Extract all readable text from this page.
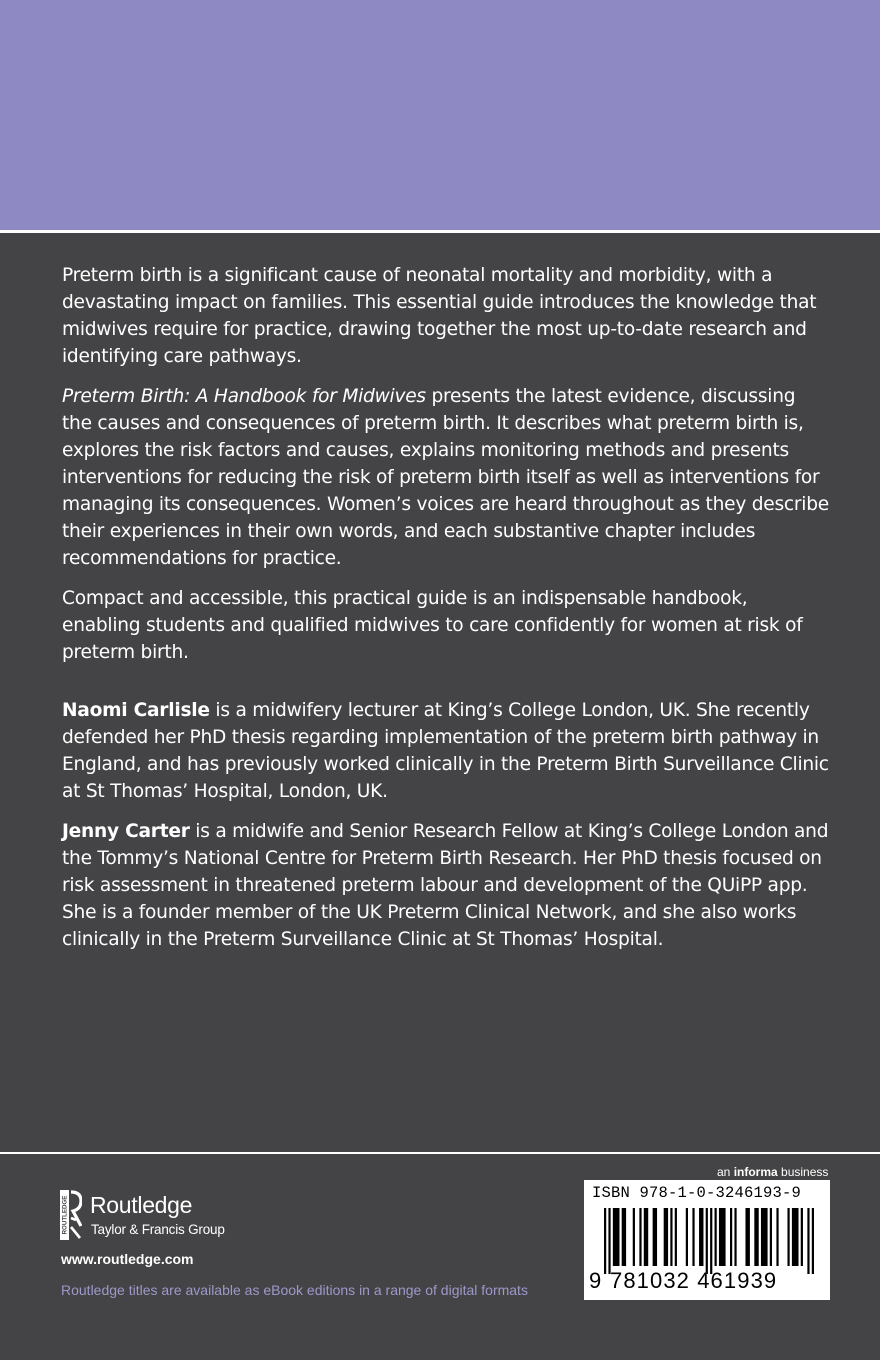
Preterm birth is a significant cause of neonatal mortality and morbidity, with a devastating impact on families. This essential guide introduces the knowledge that midwives require for practice, drawing together the most up-to-date research and identifying care pathways.

Preterm Birth: A Handbook for Midwives presents the latest evidence, discussing the causes and consequences of preterm birth. It describes what preterm birth is, explores the risk factors and causes, explains monitoring methods and presents interventions for reducing the risk of preterm birth itself as well as interventions for managing its consequences. Women’s voices are heard throughout as they describe their experiences in their own words, and each substantive chapter includes recommendations for practice.

Compact and accessible, this practical guide is an indispensable handbook, enabling students and qualified midwives to care confidently for women at risk of preterm birth.

Naomi Carlisle is a midwifery lecturer at King’s College London, UK. She recently defended her PhD thesis regarding implementation of the preterm birth pathway in England, and has previously worked clinically in the Preterm Birth Surveillance Clinic at St Thomas’ Hospital, London, UK.

Jenny Carter is a midwife and Senior Research Fellow at King’s College London and the Tommy’s National Centre for Preterm Birth Research. Her PhD thesis focused on risk assessment in threatened preterm labour and development of the QUiPP app. She is a founder member of the UK Preterm Clinical Network, and she also works clinically in the Preterm Surveillance Clinic at St Thomas’ Hospital.

ROUTLEDGE Routledge
Taylor & Francis Group
www.routledge.com
Routledge titles are available as eBook editions in a range of digital formats
an informa business
ISBN 978-1-0-3246193-9
9 781032 461939
